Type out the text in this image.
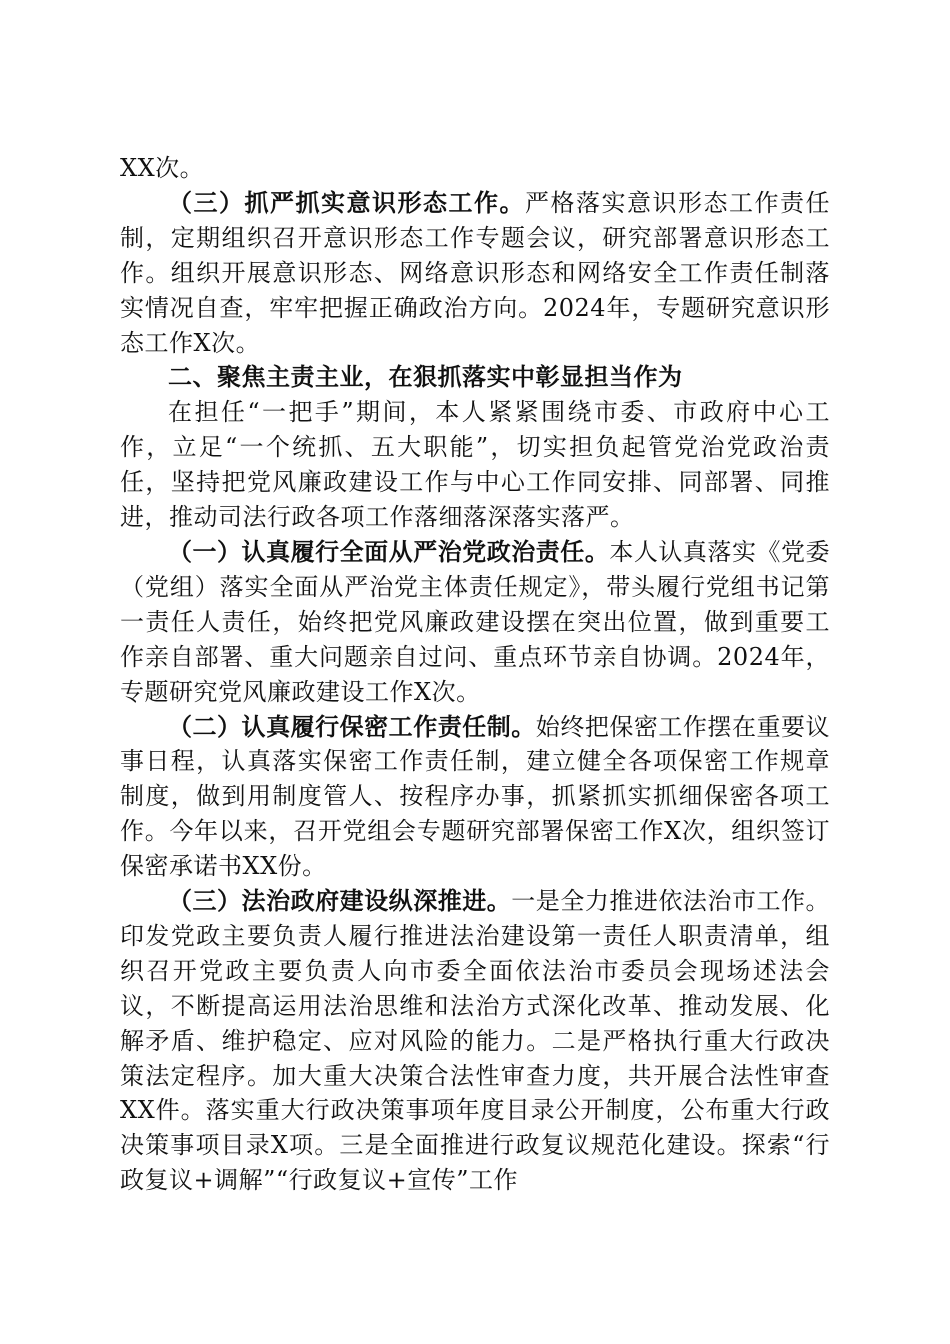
XX次。

（三）抓严抓实意识形态工作。严格落实意识形态工作责任制，定期组织召开意识形态工作专题会议，研究部署意识形态工作。组织开展意识形态、网络意识形态和网络安全工作责任制落实情况自查，牢牢把握正确政治方向。2024年，专题研究意识形态工作X次。

二、聚焦主责主业，在狠抓落实中彰显担当作为

在担任“一把手”期间，本人紧紧围绕市委、市政府中心工作，立足“一个统抓、五大职能”，切实担负起管党治党政治责任，坚持把党风廉政建设工作与中心工作同安排、同部署、同推进，推动司法行政各项工作落细落深落实落严。

（一）认真履行全面从严治党政治责任。本人认真落实《党委（党组）落实全面从严治党主体责任规定》，带头履行党组书记第一责任人责任，始终把党风廉政建设摆在突出位置，做到重要工作亲自部署、重大问题亲自过问、重点环节亲自协调。2024年，专题研究党风廉政建设工作X次。

（二）认真履行保密工作责任制。始终把保密工作摆在重要议事日程，认真落实保密工作责任制，建立健全各项保密工作规章制度，做到用制度管人、按程序办事，抓紧抓实抓细保密各项工作。今年以来，召开党组会专题研究部署保密工作X次，组织签订保密承诺书XX份。

（三）法治政府建设纵深推进。一是全力推进依法治市工作。印发党政主要负责人履行推进法治建设第一责任人职责清单，组织召开党政主要负责人向市委全面依法治市委员会现场述法会议，不断提高运用法治思维和法治方式深化改革、推动发展、化解矛盾、维护稳定、应对风险的能力。二是严格执行重大行政决策法定程序。加大重大决策合法性审查力度，共开展合法性审查XX件。落实重大行政决策事项年度目录公开制度，公布重大行政决策事项目录X项。三是全面推进行政复议规范化建设。探索“行政复议+调解”“行政复议+宣传”工作
